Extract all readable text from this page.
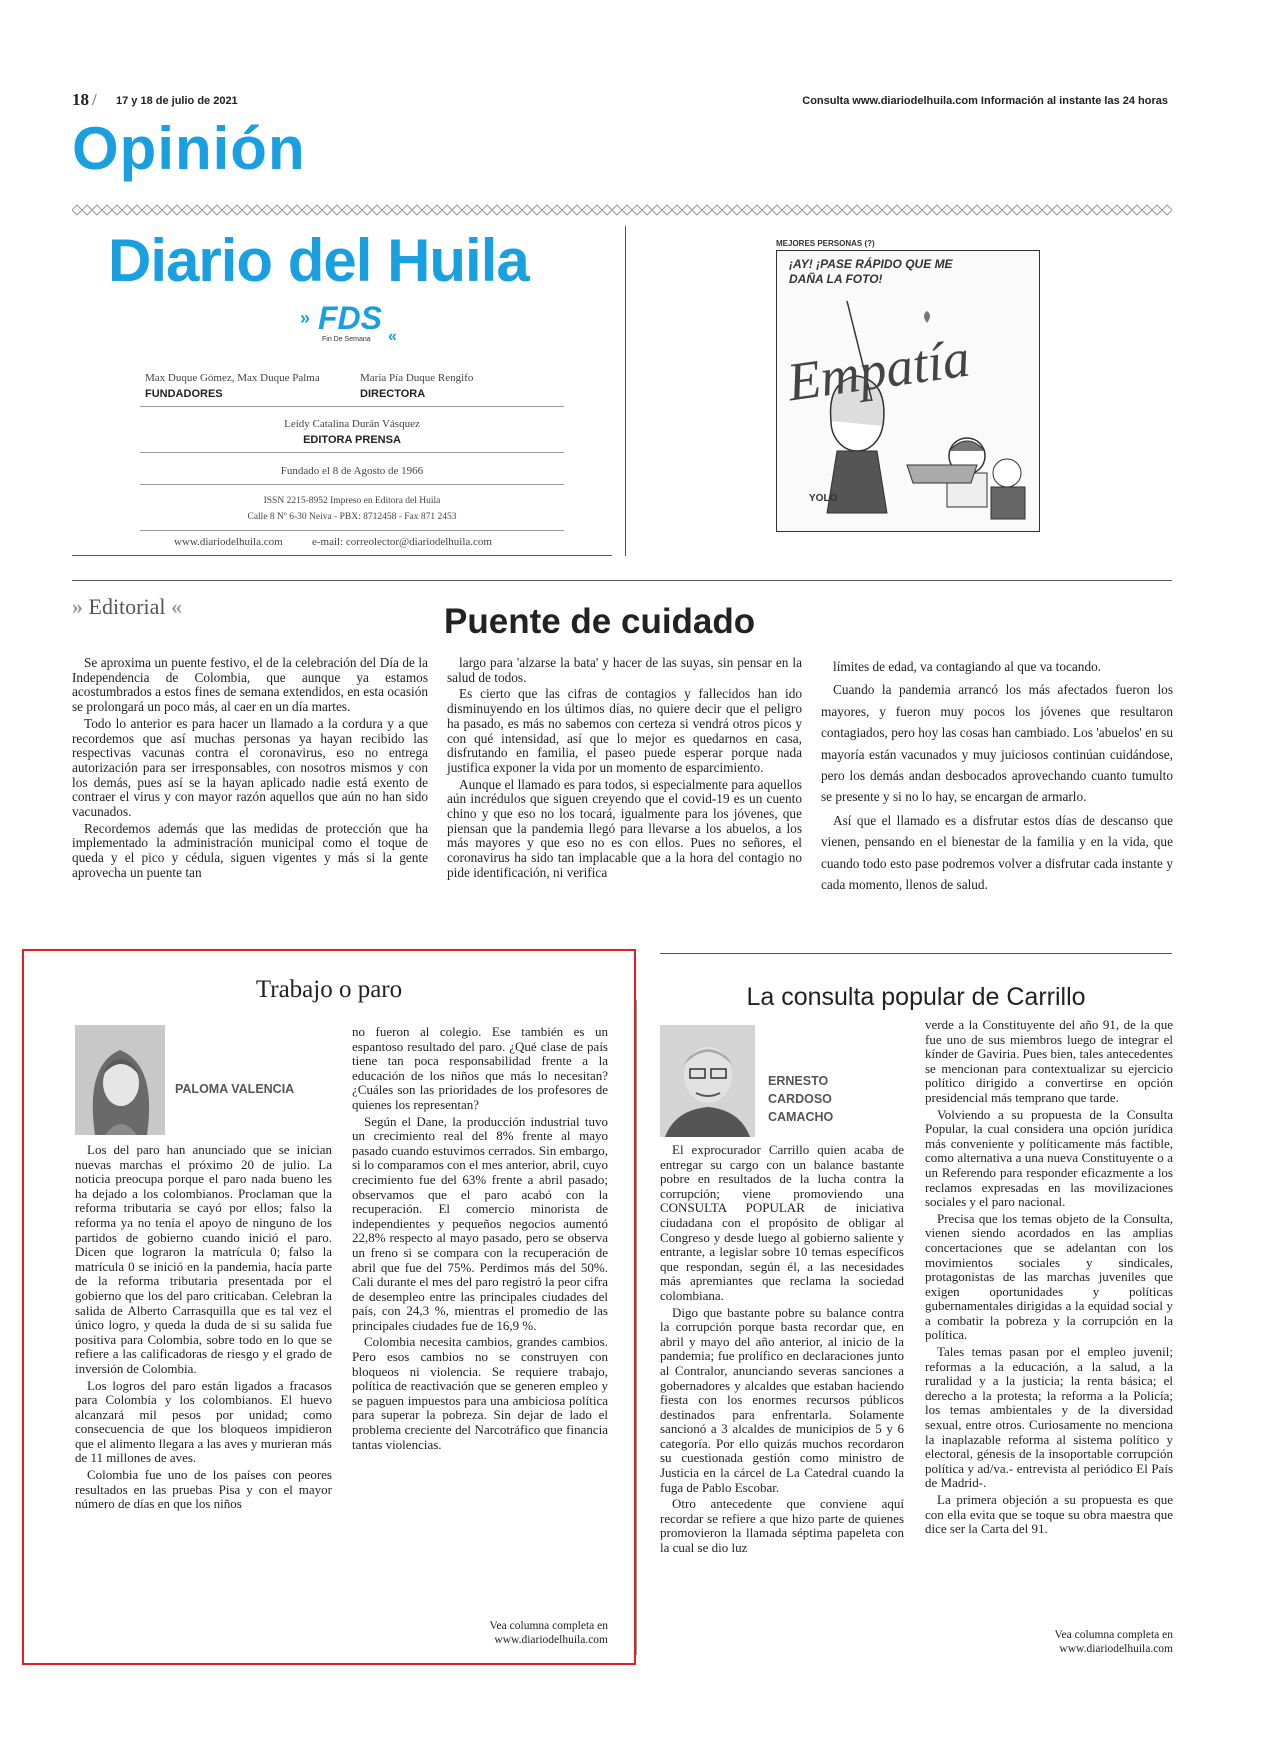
18 / 17 y 18 de julio de 2021	Consulta www.diariodelhuila.com Información al instante las 24 horas
Opinión
Diario del Huila
» FDS
Fin De Semana «
Max Duque Gómez, Max Duque Palma
FUNDADORES
María Pía Duque Rengifo
DIRECTORA
Leidy Catalina Durán Vásquez
EDITORA PRENSA
Fundado el 8 de Agosto de 1966
ISSN 2215-8952 Impreso en Editora del Huila
Calle 8 Nº 6-30 Neiva - PBX: 8712458 - Fax 871 2453
www.diariodelhuila.com	e-mail: correolector@diariodelhuila.com
MEJORES PERSONAS (?)
¡AY! ¡PASE RÁPIDO QUE ME DAÑA LA FOTO!
Empatía
YOLO
» Editorial «	Puente de cuidado

Se aproxima un puente festivo, el de la celebración del Día de la Independencia de Colombia, que aunque ya estamos acostumbrados a estos fines de semana extendidos, en esta ocasión se prolongará un poco más, al caer en un día martes.

Todo lo anterior es para hacer un llamado a la cordura y a que recordemos que así muchas personas ya hayan recibido las respectivas vacunas contra el coronavirus, eso no entrega autorización para ser irresponsables, con nosotros mismos y con los demás, pues así se la hayan aplicado nadie está exento de contraer el virus y con mayor razón aquellos que aún no han sido vacunados.

Recordemos además que las medidas de protección que ha implementado la administración municipal como el toque de queda y el pico y cédula, siguen vigentes y más si la gente aprovecha un puente tan

largo para 'alzarse la bata' y hacer de las suyas, sin pensar en la salud de todos.

Es cierto que las cifras de contagios y fallecidos han ido disminuyendo en los últimos días, no quiere decir que el peligro ha pasado, es más no sabemos con certeza si vendrá otros picos y con qué intensidad, así que lo mejor es quedarnos en casa, disfrutando en familia, el paseo puede esperar porque nada justifica exponer la vida por un momento de esparcimiento.

Aunque el llamado es para todos, si especialmente para aquellos aún incrédulos que siguen creyendo que el covid-19 es un cuento chino y que eso no los tocará, igualmente para los jóvenes, que piensan que la pandemia llegó para llevarse a los abuelos, a los más mayores y que eso no es con ellos. Pues no señores, el coronavirus ha sido tan implacable que a la hora del contagio no pide identificación, ni verifica

límites de edad, va contagiando al que va tocando.

Cuando la pandemia arrancó los más afectados fueron los mayores, y fueron muy pocos los jóvenes que resultaron contagiados, pero hoy las cosas han cambiado. Los 'abuelos' en su mayoría están vacunados y muy juiciosos continúan cuidándose, pero los demás andan desbocados aprovechando cuanto tumulto se presente y si no lo hay, se encargan de armarlo.

Así que el llamado es a disfrutar estos días de descanso que vienen, pensando en el bienestar de la familia y en la vida, que cuando todo esto pase podremos volver a disfrutar cada instante y cada momento, llenos de salud.

Trabajo o paro
PALOMA VALENCIA

Los del paro han anunciado que se inician nuevas marchas el próximo 20 de julio. La noticia preocupa porque el paro nada bueno les ha dejado a los colombianos. Proclaman que la reforma tributaria se cayó por ellos; falso la reforma ya no tenía el apoyo de ninguno de los partidos de gobierno cuando inició el paro. Dicen que lograron la matrícula 0; falso la matrícula 0 se inició en la pandemia, hacía parte de la reforma tributaria presentada por el gobierno que los del paro criticaban. Celebran la salida de Alberto Carrasquilla que es tal vez el único logro, y queda la duda de si su salida fue positiva para Colombia, sobre todo en lo que se refiere a las calificadoras de riesgo y el grado de inversión de Colombia.

Los logros del paro están ligados a fracasos para Colombia y los colombianos. El huevo alcanzará mil pesos por unidad; como consecuencia de que los bloqueos impidieron que el alimento llegara a las aves y murieran más de 11 millones de aves.

Colombia fue uno de los países con peores resultados en las pruebas Pisa y con el mayor número de días en que los niños

no fueron al colegio. Ese también es un espantoso resultado del paro. ¿Qué clase de país tiene tan poca responsabilidad frente a la educación de los niños que más lo necesitan? ¿Cuáles son las prioridades de los profesores de quienes los representan?

Según el Dane, la producción industrial tuvo un crecimiento real del 8% frente al mayo pasado cuando estuvimos cerrados. Sin embargo, si lo comparamos con el mes anterior, abril, cuyo crecimiento fue del 63% frente a abril pasado; observamos que el paro acabó con la recuperación. El comercio minorista de independientes y pequeños negocios aumentó 22,8% respecto al mayo pasado, pero se observa un freno si se compara con la recuperación de abril que fue del 75%. Perdimos más del 50%. Cali durante el mes del paro registró la peor cifra de desempleo entre las principales ciudades del país, con 24,3 %, mientras el promedio de las principales ciudades fue de 16,9 %.

Colombia necesita cambios, grandes cambios. Pero esos cambios no se construyen con bloqueos ni violencia. Se requiere trabajo, política de reactivación que se generen empleo y se paguen impuestos para una ambiciosa política para superar la pobreza. Sin dejar de lado el problema creciente del Narcotráfico que financia tantas violencias.

Vea columna completa en
www.diariodelhuila.com
La consulta popular de Carrillo
ERNESTO CARDOSO CAMACHO

El exprocurador Carrillo quien acaba de entregar su cargo con un balance bastante pobre en resultados de la lucha contra la corrupción; viene promoviendo una CONSULTA POPULAR de iniciativa ciudadana con el propósito de obligar al Congreso y desde luego al gobierno saliente y entrante, a legislar sobre 10 temas específicos que respondan, según él, a las necesidades más apremiantes que reclama la sociedad colombiana.

Digo que bastante pobre su balance contra la corrupción porque basta recordar que, en abril y mayo del año anterior, al inicio de la pandemia; fue prolífico en declaraciones junto al Contralor, anunciando severas sanciones a gobernadores y alcaldes que estaban haciendo fiesta con los enormes recursos públicos destinados para enfrentarla. Solamente sancionó a 3 alcaldes de municipios de 5 y 6 categoría. Por ello quizás muchos recordaron su cuestionada gestión como ministro de Justicia en la cárcel de La Catedral cuando la fuga de Pablo Escobar.

Otro antecedente que conviene aquí recordar se refiere a que hizo parte de quienes promovieron la llamada séptima papeleta con la cual se dio luz

verde a la Constituyente del año 91, de la que fue uno de sus miembros luego de integrar el kínder de Gaviria. Pues bien, tales antecedentes se mencionan para contextualizar su ejercicio político dirigido a convertirse en opción presidencial más temprano que tarde.

Volviendo a su propuesta de la Consulta Popular, la cual considera una opción jurídica más conveniente y políticamente más factible, como alternativa a una nueva Constituyente o a un Referendo para responder eficazmente a los reclamos expresadas en las movilizaciones sociales y el paro nacional.

Precisa que los temas objeto de la Consulta, vienen siendo acordados en las amplias concertaciones que se adelantan con los movimientos sociales y sindicales, protagonistas de las marchas juveniles que exigen oportunidades y políticas gubernamentales dirigidas a la equidad social y a combatir la pobreza y la corrupción en la política.

Tales temas pasan por el empleo juvenil; reformas a la educación, a la salud, a la ruralidad y a la justicia; la renta básica; el derecho a la protesta; la reforma a la Policía; los temas ambientales y de la diversidad sexual, entre otros. Curiosamente no menciona la inaplazable reforma al sistema político y electoral, génesis de la insoportable corrupción política y ad/va.- entrevista al periódico El País de Madrid-.

La primera objeción a su propuesta es que con ella evita que se toque su obra maestra que dice ser la Carta del 91.

Vea columna completa en
www.diariodelhuila.com
